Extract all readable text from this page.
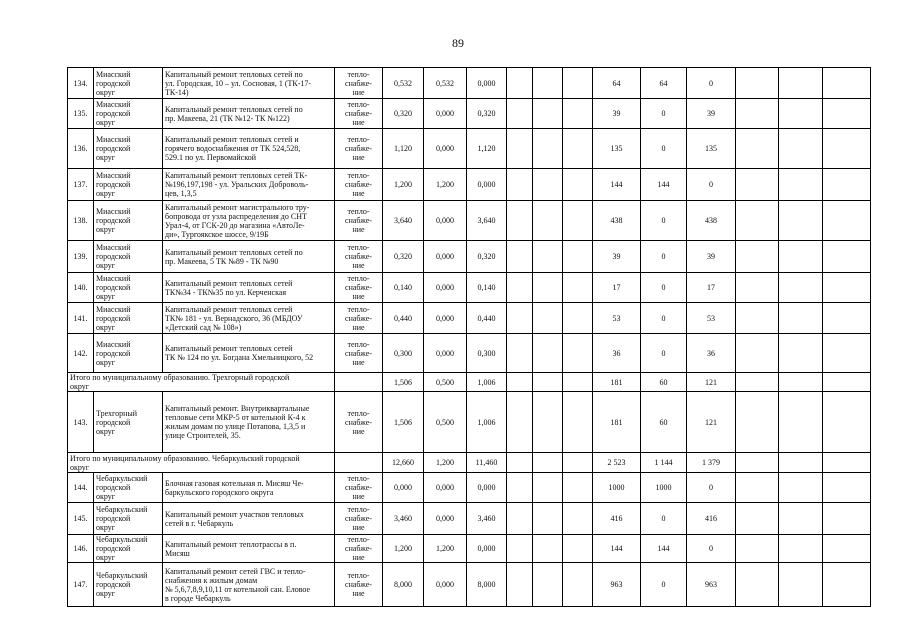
89
134.	Миасский
городской
округ	Капитальный ремонт тепловых сетей по
ул. Городская, 10 – ул. Сосновая, 1 (ТК-17-
ТК-14)	тепло-
снабже-
ние	0,532	0,532	0,000				64	64	0			
135.	Миасский
городской
округ	Капитальный ремонт тепловых сетей по
пр. Макеева, 21 (ТК №12- ТК №122)	тепло-
снабже-
ние	0,320	0,000	0,320				39	0	39			
136.	Миасский
городской
округ	Капитальный ремонт тепловых сетей и
горячего водоснабжения от ТК 524,528,
529.1 по ул. Первомайской	тепло-
снабже-
ние	1,120	0,000	1,120				135	0	135			
137.	Миасский
городской
округ	Капитальный ремонт тепловых сетей ТК-
№196,197,198 - ул. Уральских Доброволь-
цев, 1,3,5	тепло-
снабже-
ние	1,200	1,200	0,000				144	144	0			
138.	Миасский
городской
округ	Капитальный ремонт магистрального тру-
бопровода от узла распределения до СНТ
Урал-4, от ГСК-20 до магазина «АвтоЛе-
ди», Тургоякское шоссе, 9/19Б	тепло-
снабже-
ние	3,640	0,000	3,640				438	0	438			
139.	Миасский
городской
округ	Капитальный ремонт тепловых сетей по
пр. Макеева, 5 ТК №89 - ТК №90	тепло-
снабже-
ние	0,320	0,000	0,320				39	0	39			
140.	Миасский
городской
округ	Капитальный ремонт тепловых сетей
ТК№34 - ТК№35 по ул. Керченская	тепло-
снабже-
ние	0,140	0,000	0,140				17	0	17			
141.	Миасский
городской
округ	Капитальный ремонт тепловых сетей
ТК№ 181 - ул. Вернадского, 36 (МБДОУ
«Детский сад № 108»)	тепло-
снабже-
ние	0,440	0,000	0,440				53	0	53			
142.	Миасский
городской
округ	Капитальный ремонт тепловых сетей
ТК № 124 по ул. Богдана Хмельницкого, 52	тепло-
снабже-
ние	0,300	0,000	0,300				36	0	36			
Итого по муниципальному образованию. Трехгорный городской
округ				1,506	0,500	1,006				181	60	121			
143.	Трехгорный
городской
округ	Капитальный ремонт. Внутриквартальные
тепловые сети МКР-5 от котельной К-4 к
жилым домам по улице Потапова, 1,3,5 и
улице Строителей, 35.	тепло-
снабже-
ние	1,506	0,500	1,006				181	60	121			
Итого по муниципальному образованию. Чебаркульский городской
округ				12,660	1,200	11,460				2 523	1 144	1 379			
144.	Чебаркульский
городской
округ	Блочная газовая котельная п. Мисяш Че-
баркульского городского округа	тепло-
снабже-
ние	0,000	0,000	0,000				1000	1000	0			
145.	Чебаркульский
городской
округ	Капитальный ремонт участков тепловых
сетей в г. Чебаркуль	тепло-
снабже-
ние	3,460	0,000	3,460				416	0	416			
146.	Чебаркульский
городской
округ	Капитальный ремонт теплотрассы в п.
Мисяш	тепло-
снабже-
ние	1,200	1,200	0,000				144	144	0			
147.	Чебаркульский
городской
округ	Капитальный ремонт сетей ГВС и тепло-
снабжения к жилым домам
№ 5,6,7,8,9,10,11 от котельной сан. Еловое
в городе Чебаркуль	тепло-
снабже-
ние	8,000	0,000	8,000				963	0	963			
